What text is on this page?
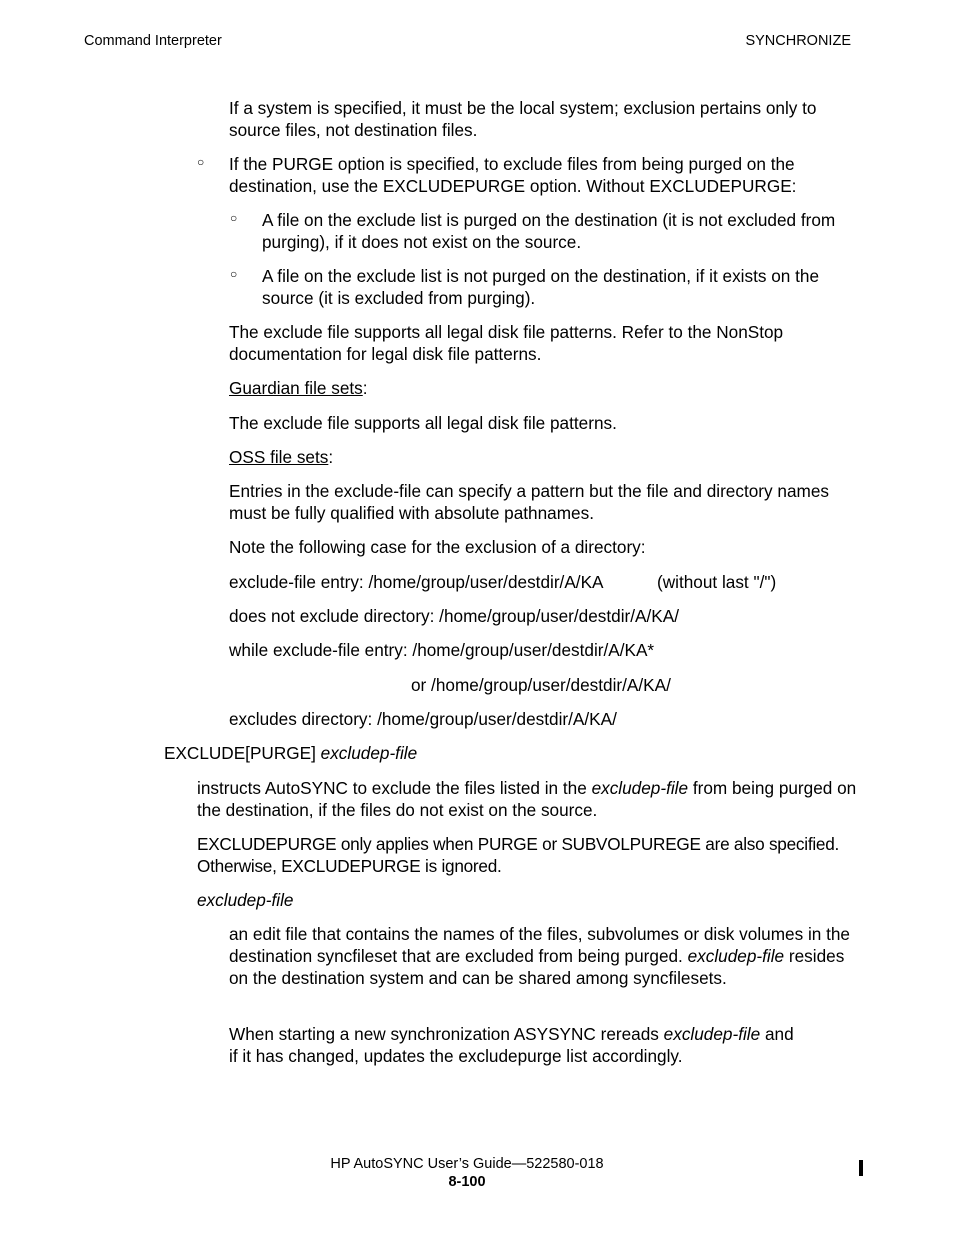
Command Interpreter	SYNCHRONIZE

If a system is specified, it must be the local system; exclusion pertains only to source files, not destination files.

○ If the PURGE option is specified, to exclude files from being purged on the destination, use the EXCLUDEPURGE option. Without EXCLUDEPURGE:

○ A file on the exclude list is purged on the destination (it is not excluded from purging), if it does not exist on the source.

○ A file on the exclude list is not purged on the destination, if it exists on the source (it is excluded from purging).

The exclude file supports all legal disk file patterns. Refer to the NonStop documentation for legal disk file patterns.

Guardian file sets:

The exclude file supports all legal disk file patterns.

OSS file sets:

Entries in the exclude-file can specify a pattern but the file and directory names must be fully qualified with absolute pathnames.

Note the following case for the exclusion of a directory:

exclude-file entry: /home/group/user/destdir/A/KA	(without last "/")

does not exclude directory: /home/group/user/destdir/A/KA/

while exclude-file entry: /home/group/user/destdir/A/KA*

or /home/group/user/destdir/A/KA/

excludes directory: /home/group/user/destdir/A/KA/

EXCLUDE[PURGE] excludep-file

instructs AutoSYNC to exclude the files listed in the excludep-file from being purged on the destination, if the files do not exist on the source.

EXCLUDEPURGE only applies when PURGE or SUBVOLPUREGE are also specified. Otherwise, EXCLUDEPURGE is ignored.

excludep-file

an edit file that contains the names of the files, subvolumes or disk volumes in the destination syncfileset that are excluded from being purged. excludep-file resides on the destination system and can be shared among syncfilesets.

When starting a new synchronization ASYSYNC rereads excludep-file and if it has changed, updates the excludepurge list accordingly.

HP AutoSYNC User’s Guide—522580-018
8-100
